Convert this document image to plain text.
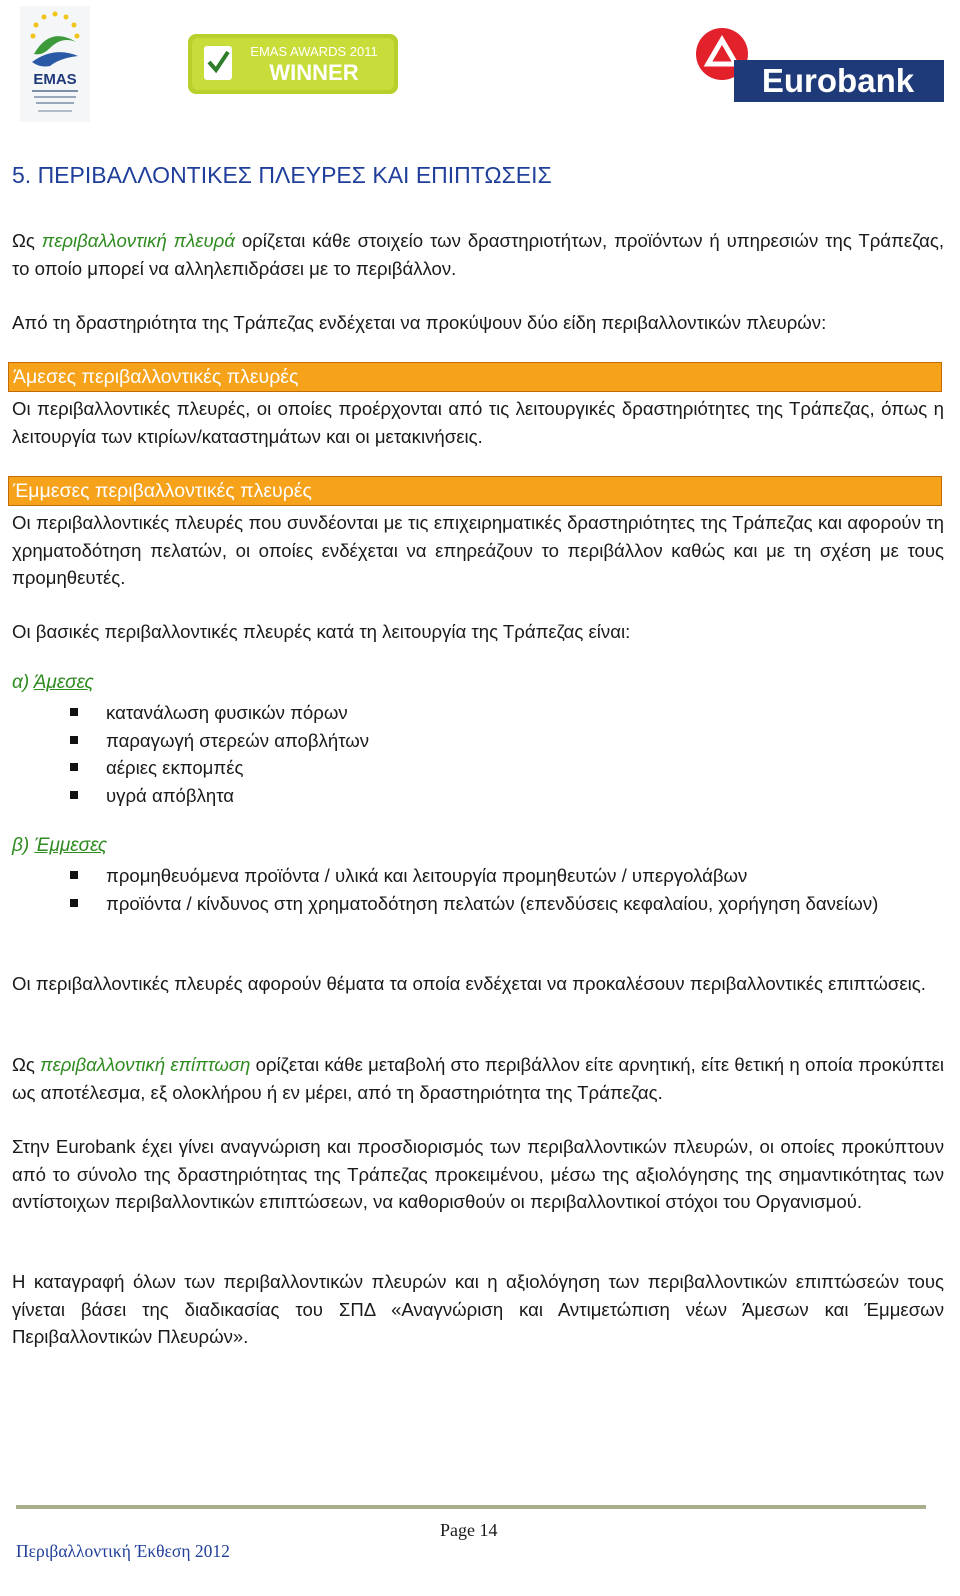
EMAS
EMAS AWARDS 2011
WINNER	Eurobank
5. ΠΕΡΙΒΑΛΛΟΝΤΙΚΕΣ ΠΛΕΥΡΕΣ ΚΑΙ ΕΠΙΠΤΩΣΕΙΣ

Ως περιβαλλοντική πλευρά ορίζεται κάθε στοιχείο των δραστηριοτήτων, προϊόντων ή υπηρεσιών της Τράπεζας, το οποίο μπορεί να αλληλεπιδράσει με το περιβάλλον.

Από τη δραστηριότητα της Τράπεζας ενδέχεται να προκύψουν δύο είδη περιβαλλοντικών πλευρών:

Άμεσες περιβαλλοντικές πλευρές

Οι περιβαλλοντικές πλευρές, οι οποίες προέρχονται από τις λειτουργικές δραστηριότητες της Τράπεζας, όπως η λειτουργία των κτιρίων/καταστημάτων και οι μετακινήσεις.

Έμμεσες περιβαλλοντικές πλευρές

Οι περιβαλλοντικές πλευρές που συνδέονται με τις επιχειρηματικές δραστηριότητες της Τράπεζας και αφορούν τη χρηματοδότηση πελατών, οι οποίες ενδέχεται να επηρεάζουν το περιβάλλον καθώς και με τη σχέση με τους προμηθευτές.

Οι βασικές περιβαλλοντικές πλευρές κατά τη λειτουργία της Τράπεζας είναι:

α) Άμεσες
κατανάλωση φυσικών πόρων
παραγωγή στερεών αποβλήτων
αέριες εκπομπές
υγρά απόβλητα
β) Έμμεσες
προμηθευόμενα προϊόντα / υλικά και λειτουργία προμηθευτών / υπεργολάβων
προϊόντα / κίνδυνος στη χρηματοδότηση πελατών (επενδύσεις κεφαλαίου, χορήγηση δανείων)

Οι περιβαλλοντικές πλευρές αφορούν θέματα τα οποία ενδέχεται να προκαλέσουν περιβαλλοντικές επιπτώσεις.

Ως περιβαλλοντική επίπτωση ορίζεται κάθε μεταβολή στο περιβάλλον είτε αρνητική, είτε θετική η οποία προκύπτει ως αποτέλεσμα, εξ ολοκλήρου ή εν μέρει, από τη δραστηριότητα της Τράπεζας.

Στην Eurobank έχει γίνει αναγνώριση και προσδιορισμός των περιβαλλοντικών πλευρών, οι οποίες προκύπτουν από το σύνολο της δραστηριότητας της Τράπεζας προκειμένου, μέσω της αξιολόγησης της σημαντικότητας των αντίστοιχων περιβαλλοντικών επιπτώσεων, να καθορισθούν οι περιβαλλοντικοί στόχοι του Οργανισμού.

Η καταγραφή όλων των περιβαλλοντικών πλευρών και η αξιολόγηση των περιβαλλοντικών επιπτώσεών τους γίνεται βάσει της διαδικασίας του ΣΠΔ «Αναγνώριση και Αντιμετώπιση νέων Άμεσων και Έμμεσων Περιβαλλοντικών Πλευρών».

Page 14
Περιβαλλοντική Έκθεση 2012
